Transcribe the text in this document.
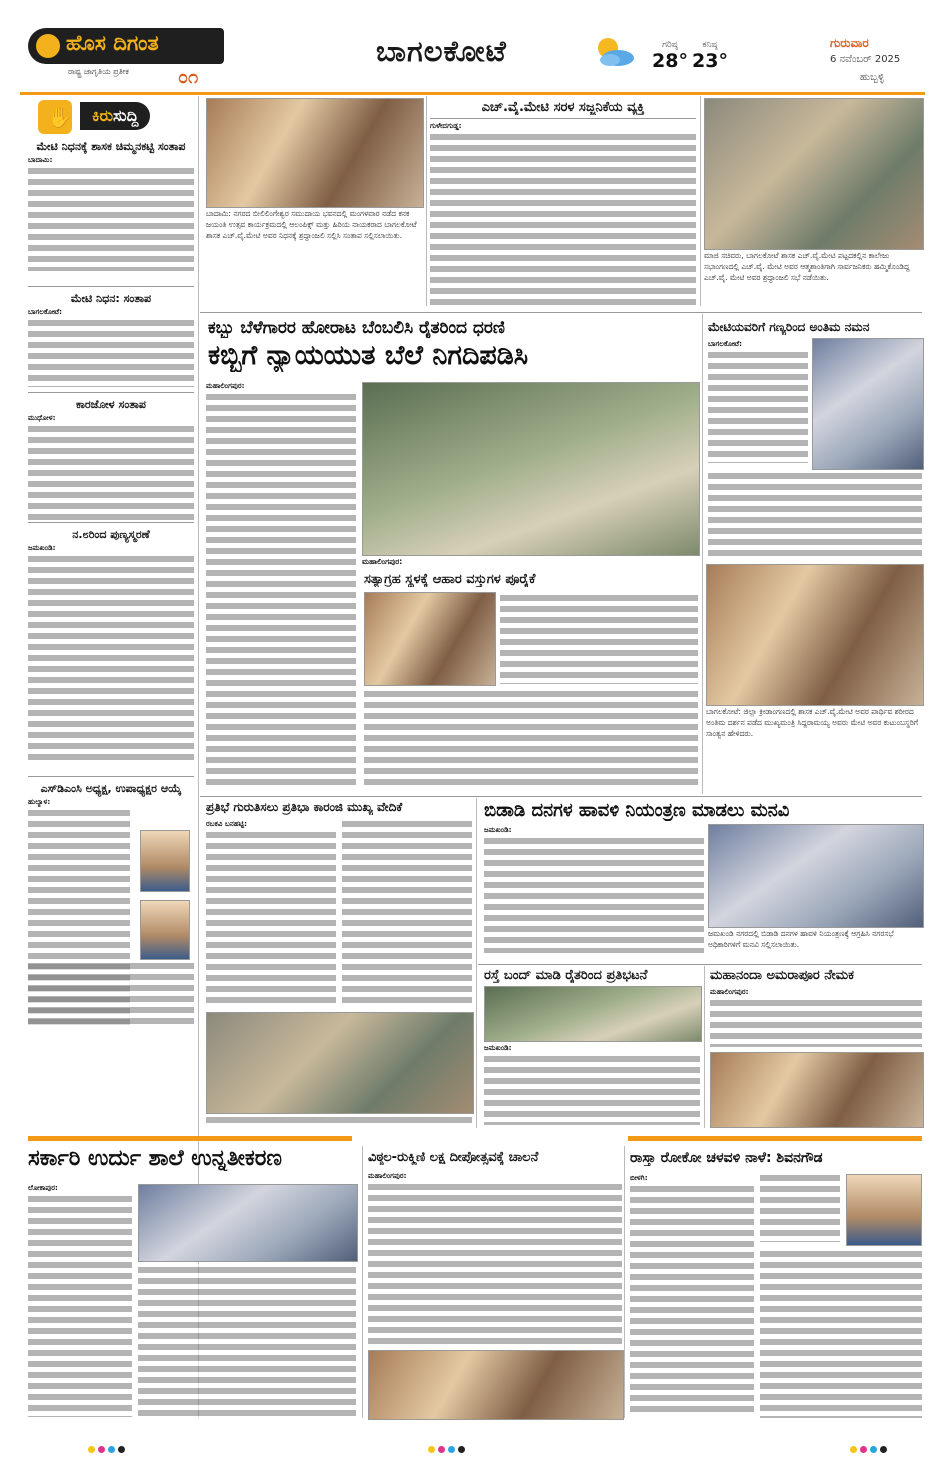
ಹೊಸ ದಿಗಂತ
ರಾಷ್ಟ್ರ ಜಾಗೃತಿಯ ಪ್ರತೀಕ	೦೧
ಬಾಗಲಕೋಟೆ	ಗರಿಷ್ಠ
28°
ಕನಿಷ್ಠ
23°
ಗುರುವಾರ
6 ನವೆಂಬರ್ 2025
ಹುಬ್ಬಳ್ಳಿ
✋	ಕಿರುಸುದ್ದಿ
ಮೇಟಿ ನಿಧನಕ್ಕೆ ಶಾಸಕ ಚಿಮ್ಮನಕಟ್ಟಿ ಸಂತಾಪ
ಬಾದಾಮಿ:
ಮೇಟಿ ನಿಧನ: ಸಂತಾಪ
ಬಾಗಲಕೋಟೆ:
ಕಾರಜೋಳ ಸಂತಾಪ
ಮುಧೋಳ:
ನ.೮ರಿಂದ ಪುಣ್ಯಸ್ಮರಣೆ
ಜಮಖಂಡಿ:
ಎಸ್‌ಡಿಎಂಸಿ ಅಧ್ಯಕ್ಷ, ಉಪಾಧ್ಯಕ್ಷರ ಆಯ್ಕೆ
ಹುಲ್ಯಾಳ:
ಬಾದಾಮಿ: ನಗರದ ಬೀಲಿಲಿಂಗೇಶ್ವರ ಸಮುದಾಯ ಭವನದಲ್ಲಿ ಮಂಗಳವಾರ ನಡೆದ ಕನಕ ಜಯಂತಿ ಉತ್ಸವ ಕಾರ್ಯಕ್ರಮದಲ್ಲಿ ಆಲಂಪಿಕ್ಸ್ ಮತ್ತು ಹಿರಿಯ ನಾಯಕರಾದ ಬಾಗಲಕೋಟೆ ಶಾಸಕ ಎಚ್.ವೈ.ಮೇಟಿ ಅವರ ನಿಧನಕ್ಕೆ ಶ್ರದ್ಧಾಂಜಲಿ ಸಲ್ಲಿಸಿ ಸಂತಾಪ ಸಲ್ಲಿಸಲಾಯಿತು.
ಎಚ್.ವೈ.ಮೇಟಿ ಸರಳ ಸಜ್ಜನಿಕೆಯ ವ್ಯಕ್ತಿ
ಗುಳೇದಗುಡ್ಡ:
ಮಾಜಿ ಸಚಿವರು, ಬಾಗಲಕೋಟೆ ಶಾಸಕ ಎಚ್.ವೈ.ಮೇಟಿ ಪಟ್ಟದಕಲ್ಲಿನ ಕಾಲೇಜು ಸಭಾಂಗಣದಲ್ಲಿ ಎಚ್.ವೈ. ಮೇಟಿ ಅವರ ಆತ್ಮಶಾಂತಿಗಾಗಿ ಸಾರ್ವಜನಿಕರು ಹಮ್ಮಿಕೊಂಡಿದ್ದ ಎಚ್.ವೈ. ಮೇಟಿ ಅವರ ಶ್ರದ್ಧಾಂಜಲಿ ಸಭೆ ನಡೆಯಿತು.
ಕಬ್ಬು ಬೆಳೆಗಾರರ ಹೋರಾಟ ಬೆಂಬಲಿಸಿ ರೈತರಿಂದ ಧರಣಿ
ಕಬ್ಬಿಗೆ ನ್ಯಾಯಯುತ ಬೆಲೆ ನಿಗದಿಪಡಿಸಿ
ಮಹಾಲಿಂಗಪುರ:
ಮಹಾಲಿಂಗಪುರ:
ಸತ್ಯಾಗ್ರಹ ಸ್ಥಳಕ್ಕೆ ಆಹಾರ ವಸ್ತುಗಳ ಪೂರೈಕೆ
ಮೇಟಿಯವರಿಗೆ ಗಣ್ಯರಿಂದ ಅಂತಿಮ ನಮನ
ಬಾಗಲಕೋಟೆ:
ಬಾಗಲಕೋಟೆ: ಜಿಲ್ಲಾ ಕ್ರೀಡಾಂಗಣದಲ್ಲಿ ಶಾಸಕ ಎಚ್.ವೈ.ಮೇಟಿ ಅವರ ಪಾರ್ಥಿವ ಶರೀರದ ಅಂತಿಮ ದರ್ಶನ ಪಡೆದ ಮುಖ್ಯಮಂತ್ರಿ ಸಿದ್ದರಾಮಯ್ಯ ಅವರು ಮೇಟಿ ಅವರ ಕುಟುಂಬಸ್ಥರಿಗೆ ಸಾಂತ್ವನ ಹೇಳಿದರು.
ಪ್ರತಿಭೆ ಗುರುತಿಸಲು ಪ್ರತಿಭಾ ಕಾರಂಜಿ ಮುಖ್ಯ ವೇದಿಕೆ
ರಬಕವಿ ಬನಹಟ್ಟಿ:
ಬಿಡಾಡಿ ದನಗಳ ಹಾವಳಿ ನಿಯಂತ್ರಣ ಮಾಡಲು ಮನವಿ
ಜಮಖಂಡಿ:
ಜಮಖಂಡಿ ನಗರದಲ್ಲಿ ಬಿಡಾಡಿ ದನಗಳ ಹಾವಳಿ ನಿಯಂತ್ರಣಕ್ಕೆ ಆಗ್ರಹಿಸಿ ನಗರಸಭೆ ಅಧಿಕಾರಿಗಳಿಗೆ ಮನವಿ ಸಲ್ಲಿಸಲಾಯಿತು.
ರಸ್ತೆ ಬಂದ್ ಮಾಡಿ ರೈತರಿಂದ ಪ್ರತಿಭಟನೆ
ಜಮಖಂಡಿ:
ಮಹಾನಂದಾ ಅಮರಾಪೂರ ನೇಮಕ
ಮಹಾಲಿಂಗಪುರ:
ಸರ್ಕಾರಿ ಉರ್ದು ಶಾಲೆ ಉನ್ನತೀಕರಣ
ಲೋಕಾಪುರ:
ವಿಠ್ಠಲ-ರುಕ್ಮಿಣಿ ಲಕ್ಷ ದೀಪೋತ್ಸವಕ್ಕೆ ಚಾಲನೆ
ಮಹಾಲಿಂಗಪುರ:
ರಾಸ್ತಾ ರೋಕೋ ಚಳವಳಿ ನಾಳೆ: ಶಿವನಗೌಡ
ಬೀಳಗಿ:
